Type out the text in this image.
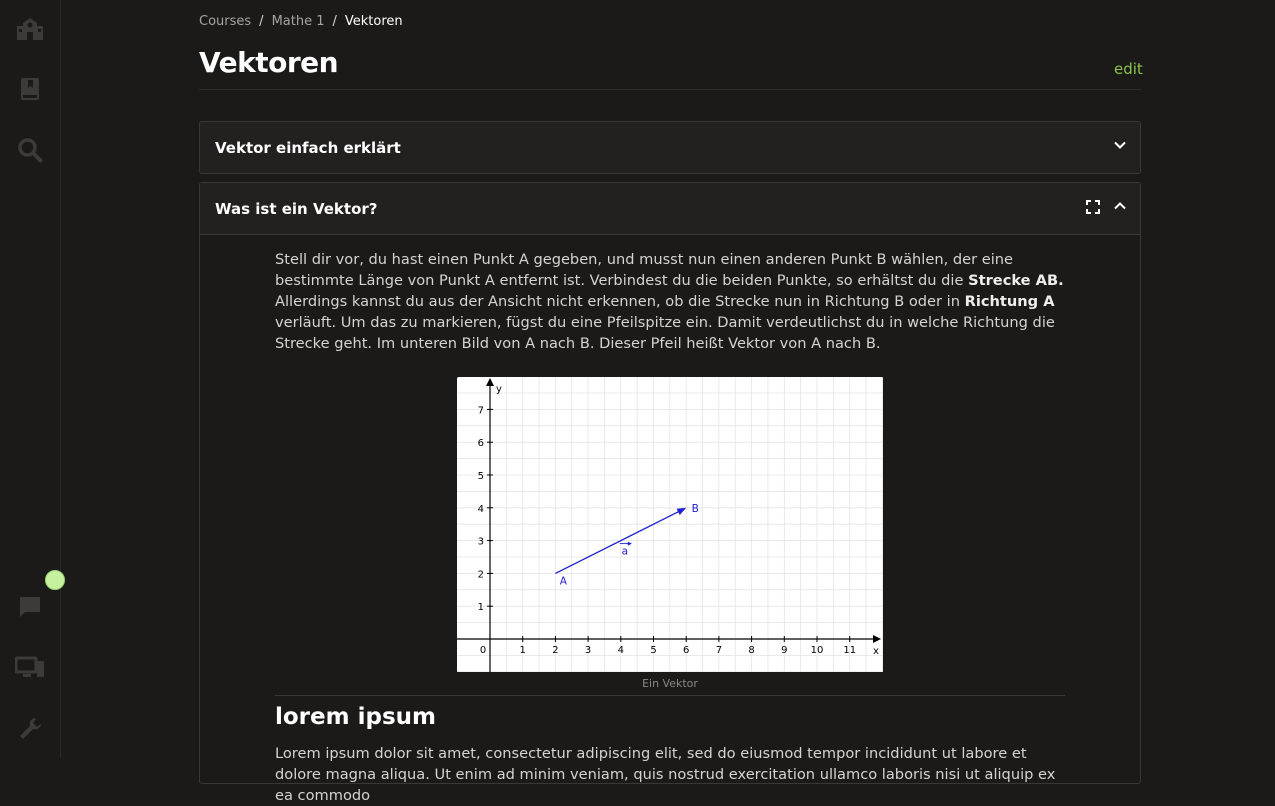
Courses / Mathe 1 / Vektoren
Vektoren	edit
Vektor einfach erklärt
Was ist ein Vektor?

Stell dir vor, du hast einen Punkt A gegeben, und musst nun einen anderen Punkt B wählen, der eine bestimmte Länge von Punkt A entfernt ist. Verbindest du die beiden Punkte, so erhältst du die Strecke AB. Allerdings kannst du aus der Ansicht nicht erkennen, ob die Strecke nun in Richtung B oder in Richtung A verläuft. Um das zu markieren, fügst du eine Pfeilspitze ein. Damit verdeutlichst du in welche Richtung die Strecke geht. Im unteren Bild von A nach B. Dieser Pfeil heißt Vektor von A nach B.

0	1	2	3	4	5	6	7	8	9 10 11
1
2
3
4
5
6
7
x
y
A
B
a
Ein Vektor
lorem ipsum
Lorem ipsum dolor sit amet, consectetur adipiscing elit, sed do eiusmod tempor incididunt ut labore et dolore magna aliqua. Ut enim ad minim veniam, quis nostrud exercitation ullamco laboris nisi ut aliquip ex ea commodo
